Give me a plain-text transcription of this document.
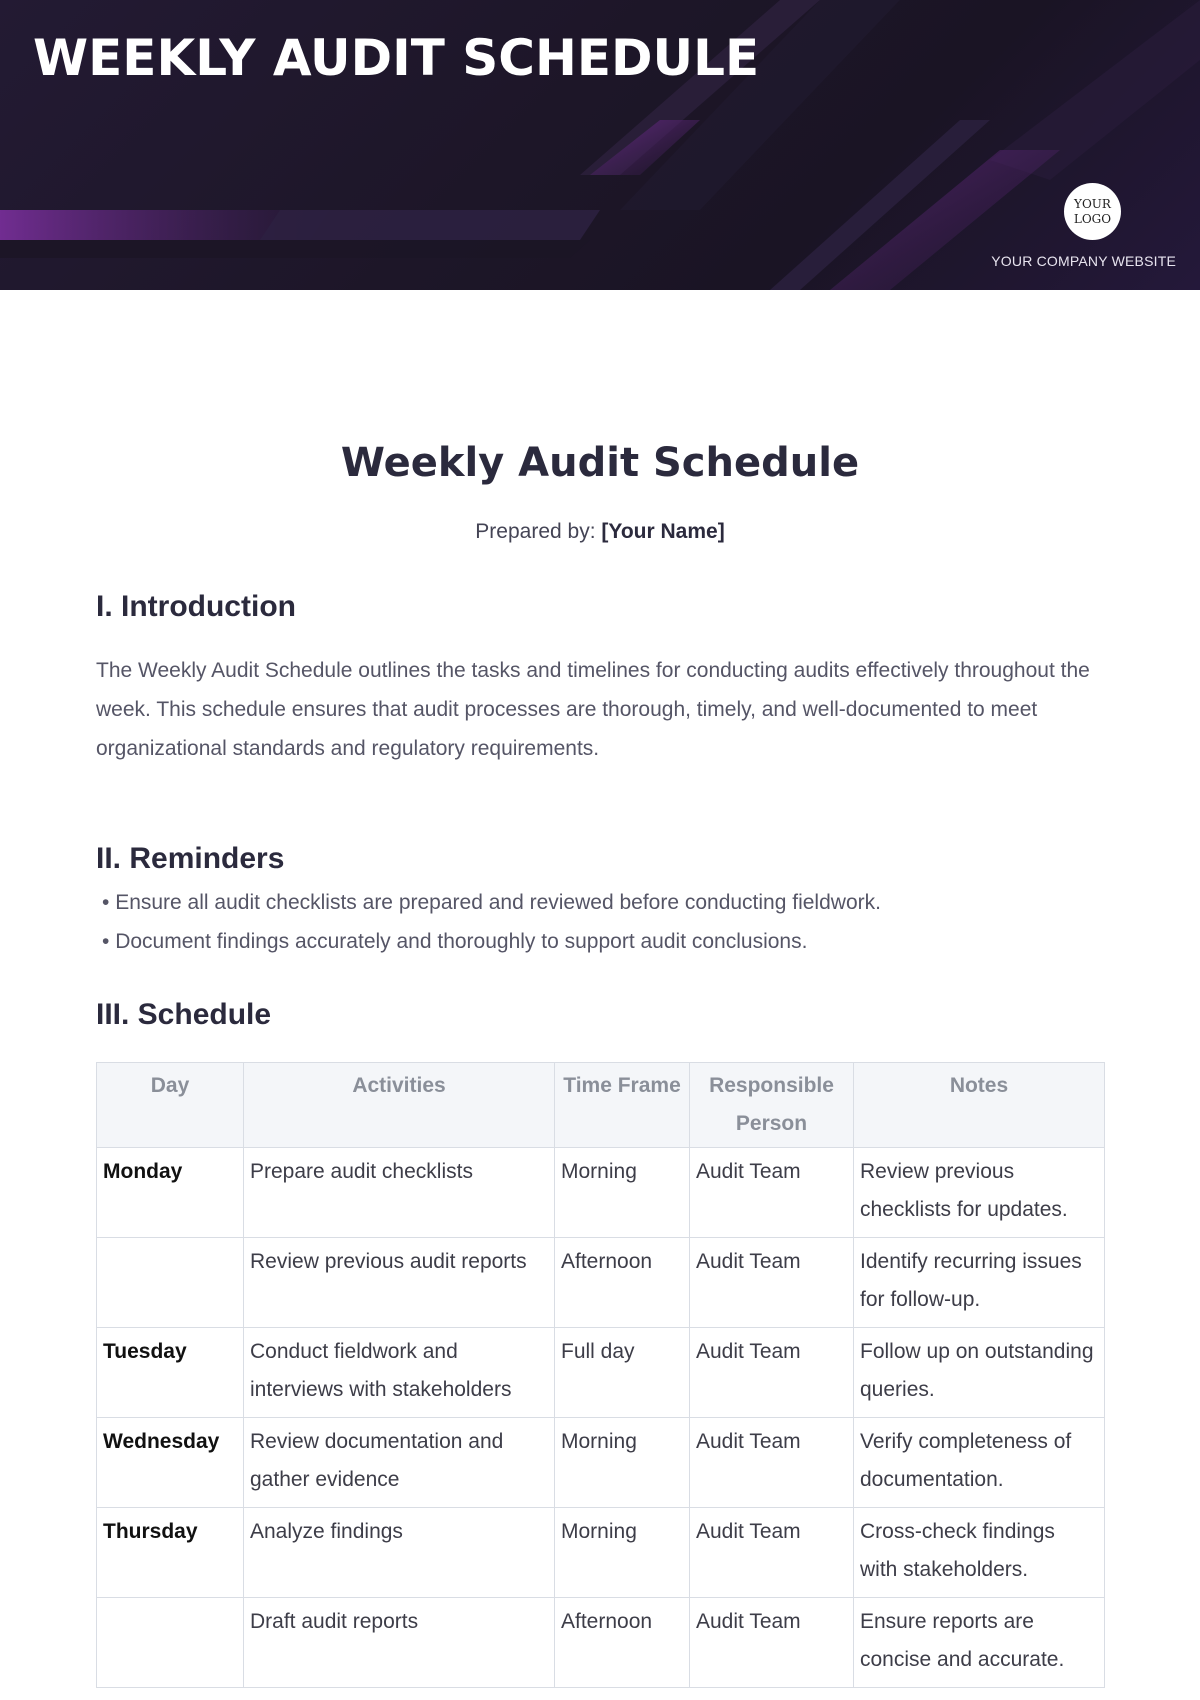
WEEKLY AUDIT SCHEDULE
YOUR
LOGO
YOUR COMPANY WEBSITE
Weekly Audit Schedule
Prepared by: [Your Name]
I. Introduction

The Weekly Audit Schedule outlines the tasks and timelines for conducting audits effectively throughout the week. This schedule ensures that audit processes are thorough, timely, and well-documented to meet organizational standards and regulatory requirements.

II. Reminders
• Ensure all audit checklists are prepared and reviewed before conducting fieldwork.
• Document findings accurately and thoroughly to support audit conclusions.
III. Schedule
Day	Activities	Time Frame	Responsible Person	Notes
Monday	Prepare audit checklists	Morning	Audit Team	Review previous checklists for updates.
	Review previous audit reports	Afternoon	Audit Team	Identify recurring issues for follow-up.
Tuesday	Conduct fieldwork and interviews with stakeholders	Full day	Audit Team	Follow up on outstanding queries.
Wednesday	Review documentation and gather evidence	Morning	Audit Team	Verify completeness of documentation.
Thursday	Analyze findings	Morning	Audit Team	Cross-check findings with stakeholders.
	Draft audit reports	Afternoon	Audit Team	Ensure reports are concise and accurate.
